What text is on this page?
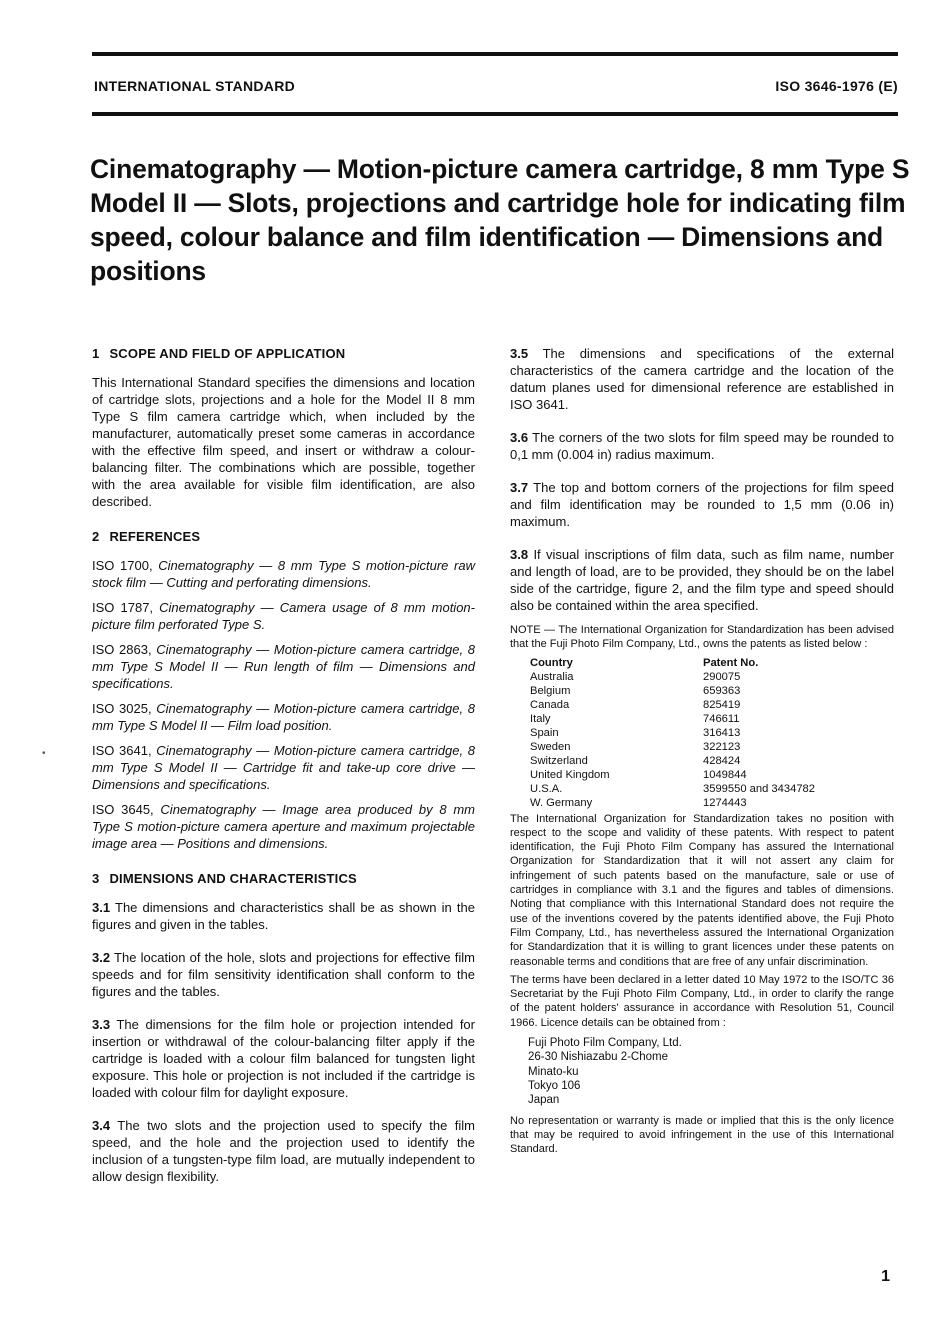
INTERNATIONAL STANDARD	ISO 3646-1976 (E)
Cinematography — Motion-picture camera cartridge, 8 mm Type S Model II — Slots, projections and cartridge hole for indicating film speed, colour balance and film identification — Dimensions and positions
•
1 SCOPE AND FIELD OF APPLICATION

This International Standard specifies the dimensions and location of cartridge slots, projections and a hole for the Model II 8 mm Type S film camera cartridge which, when included by the manufacturer, automatically preset some cameras in accordance with the effective film speed, and insert or withdraw a colour-balancing filter. The combinations which are possible, together with the area available for visible film identification, are also described.

2 REFERENCES

ISO 1700, Cinematography — 8 mm Type S motion-picture raw stock film — Cutting and perforating dimensions.

ISO 1787, Cinematography — Camera usage of 8 mm motion-picture film perforated Type S.

ISO 2863, Cinematography — Motion-picture camera cartridge, 8 mm Type S Model II — Run length of film — Dimensions and specifications.

ISO 3025, Cinematography — Motion-picture camera cartridge, 8 mm Type S Model II — Film load position.

ISO 3641, Cinematography — Motion-picture camera cartridge, 8 mm Type S Model II — Cartridge fit and take-up core drive — Dimensions and specifications.

ISO 3645, Cinematography — Image area produced by 8 mm Type S motion-picture camera aperture and maximum projectable image area — Positions and dimensions.

3 DIMENSIONS AND CHARACTERISTICS

3.1 The dimensions and characteristics shall be as shown in the figures and given in the tables.

3.2 The location of the hole, slots and projections for effective film speeds and for film sensitivity identification shall conform to the figures and the tables.

3.3 The dimensions for the film hole or projection intended for insertion or withdrawal of the colour-balancing filter apply if the cartridge is loaded with a colour film balanced for tungsten light exposure. This hole or projection is not included if the cartridge is loaded with colour film for daylight exposure.

3.4 The two slots and the projection used to specify the film speed, and the hole and the projection used to identify the inclusion of a tungsten-type film load, are mutually independent to allow design flexibility.

3.5 The dimensions and specifications of the external characteristics of the camera cartridge and the location of the datum planes used for dimensional reference are established in ISO 3641.

3.6 The corners of the two slots for film speed may be rounded to 0,1 mm (0.004 in) radius maximum.

3.7 The top and bottom corners of the projections for film speed and film identification may be rounded to 1,5 mm (0.06 in) maximum.

3.8 If visual inscriptions of film data, such as film name, number and length of load, are to be provided, they should be on the label side of the cartridge, figure 2, and the film type and speed should also be contained within the area specified.

NOTE — The International Organization for Standardization has been advised that the Fuji Photo Film Company, Ltd., owns the patents as listed below :

Country	Patent No.
Australia	290075
Belgium	659363
Canada	825419
Italy	746611
Spain	316413
Sweden	322123
Switzerland	428424
United Kingdom	1049844
U.S.A.	3599550 and 3434782
W. Germany	1274443

The International Organization for Standardization takes no position with respect to the scope and validity of these patents. With respect to patent identification, the Fuji Photo Film Company has assured the International Organization for Standardization that it will not assert any claim for infringement of such patents based on the manufacture, sale or use of cartridges in compliance with 3.1 and the figures and tables of dimensions. Noting that compliance with this International Standard does not require the use of the inventions covered by the patents identified above, the Fuji Photo Film Company, Ltd., has nevertheless assured the International Organization for Standardization that it is willing to grant licences under these patents on reasonable terms and conditions that are free of any unfair discrimination.

The terms have been declared in a letter dated 10 May 1972 to the ISO/TC 36 Secretariat by the Fuji Photo Film Company, Ltd., in order to clarify the range of the patent holders' assurance in accordance with Resolution 51, Council 1966. Licence details can be obtained from :

Fuji Photo Film Company, Ltd.
26-30 Nishiazabu 2-Chome
Minato-ku
Tokyo 106
Japan

No representation or warranty is made or implied that this is the only licence that may be required to avoid infringement in the use of this International Standard.

1
